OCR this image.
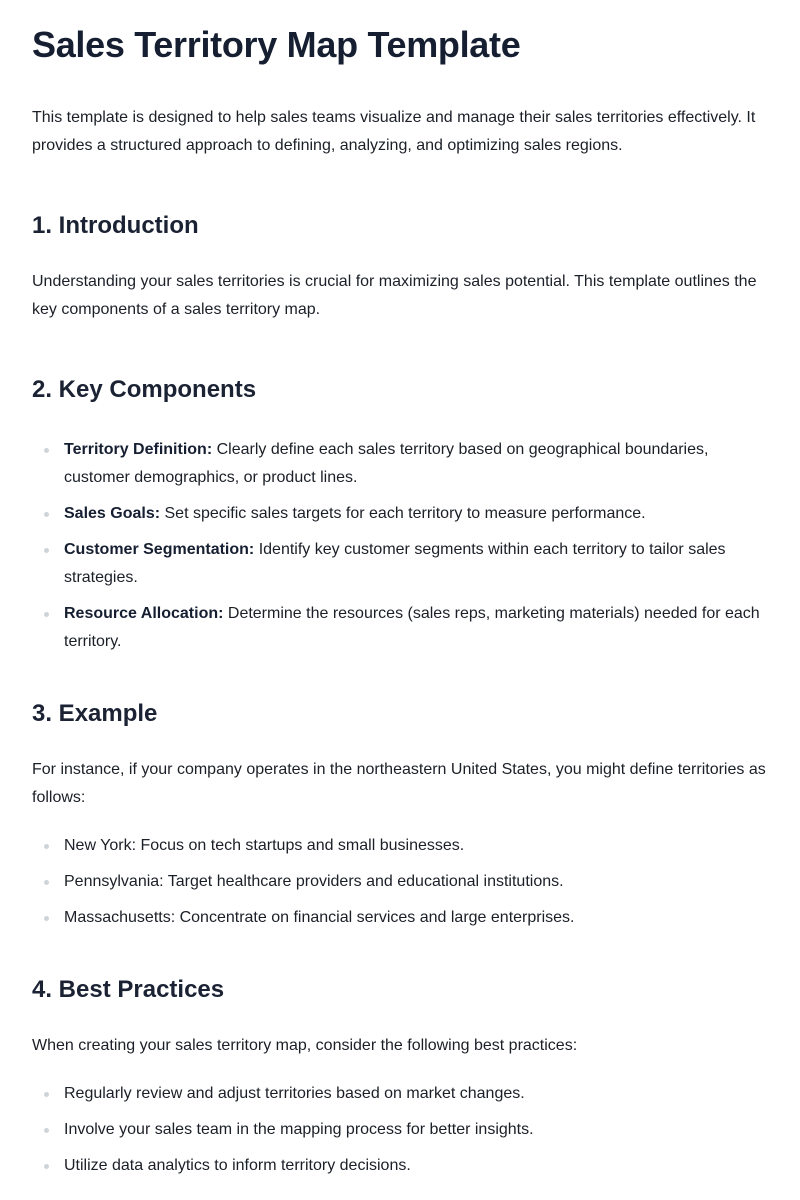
Sales Territory Map Template

This template is designed to help sales teams visualize and manage their sales territories effectively. It provides a structured approach to defining, analyzing, and optimizing sales regions.

1. Introduction

Understanding your sales territories is crucial for maximizing sales potential. This template outlines the key components of a sales territory map.

2. Key Components
Territory Definition: Clearly define each sales territory based on geographical boundaries, customer demographics, or product lines.
Sales Goals: Set specific sales targets for each territory to measure performance.
Customer Segmentation: Identify key customer segments within each territory to tailor sales strategies.
Resource Allocation: Determine the resources (sales reps, marketing materials) needed for each territory.
3. Example

For instance, if your company operates in the northeastern United States, you might define territories as follows:

New York: Focus on tech startups and small businesses.
Pennsylvania: Target healthcare providers and educational institutions.
Massachusetts: Concentrate on financial services and large enterprises.
4. Best Practices

When creating your sales territory map, consider the following best practices:

Regularly review and adjust territories based on market changes.
Involve your sales team in the mapping process for better insights.
Utilize data analytics to inform territory decisions.
